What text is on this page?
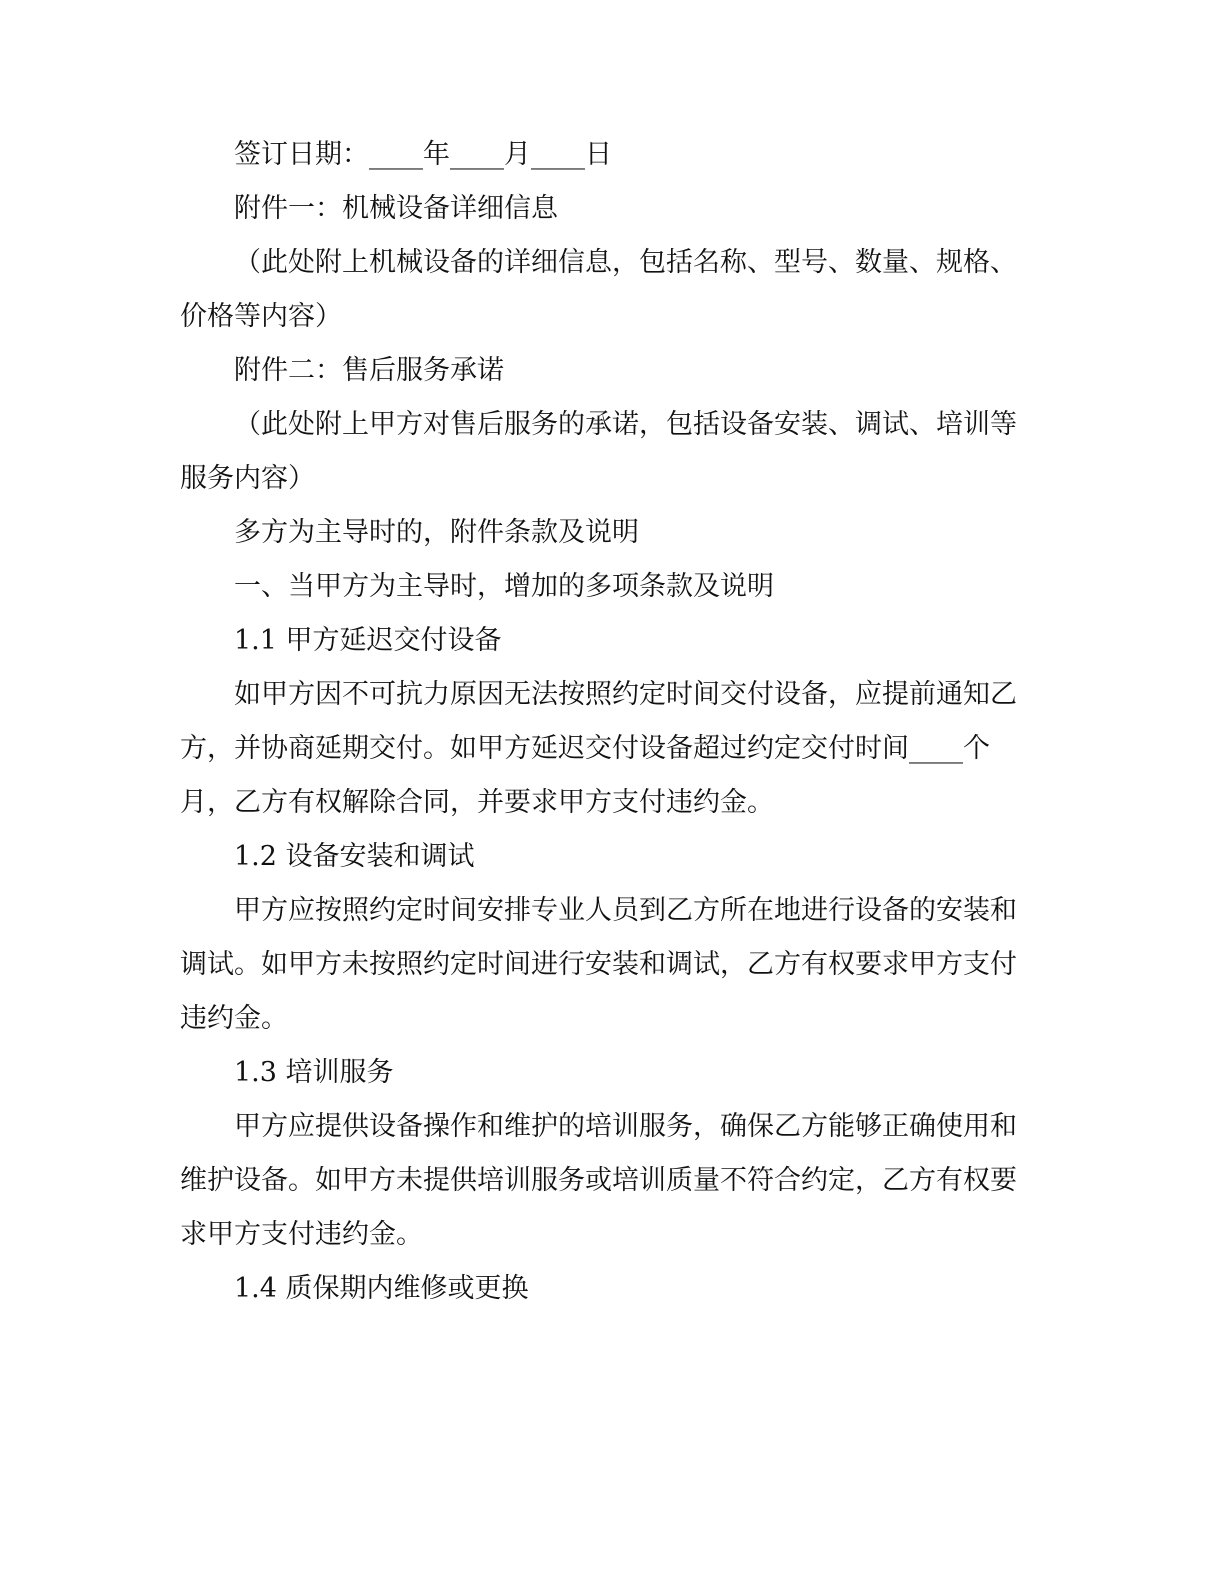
签订日期：____年____月____日

附件一：机械设备详细信息

（此处附上机械设备的详细信息，包括名称、型号、数量、规格、价格等内容）

附件二：售后服务承诺

（此处附上甲方对售后服务的承诺，包括设备安装、调试、培训等服务内容）

多方为主导时的，附件条款及说明

一、当甲方为主导时，增加的多项条款及说明

1.1 甲方延迟交付设备

如甲方因不可抗力原因无法按照约定时间交付设备，应提前通知乙方，并协商延期交付。如甲方延迟交付设备超过约定交付时间____个月，乙方有权解除合同，并要求甲方支付违约金。

1.2 设备安装和调试

甲方应按照约定时间安排专业人员到乙方所在地进行设备的安装和调试。如甲方未按照约定时间进行安装和调试，乙方有权要求甲方支付违约金。

1.3 培训服务

甲方应提供设备操作和维护的培训服务，确保乙方能够正确使用和维护设备。如甲方未提供培训服务或培训质量不符合约定，乙方有权要求甲方支付违约金。

1.4 质保期内维修或更换
